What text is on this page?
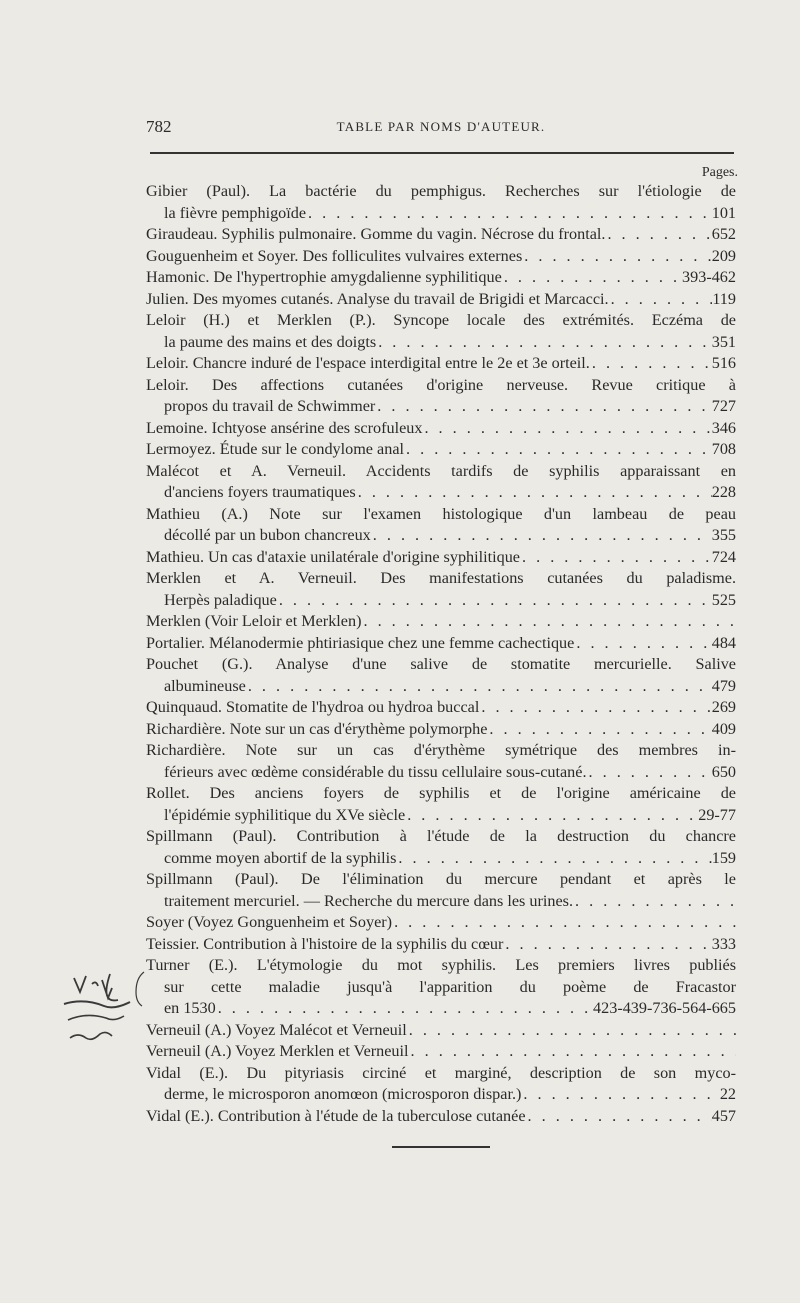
782	TABLE PAR NOMS D'AUTEUR.
Pages.
Gibier (Paul). La bactérie du pemphigus. Recherches sur l'étiologie de
la fièvre pemphigoïde . . .	101
Giraudeau. Syphilis pulmonaire. Gomme du vagin. Nécrose du frontal. . . .	652
Gouguenheim et Soyer. Des folliculites vulvaires externes . . .	209
Hamonic. De l'hypertrophie amygdalienne syphilitique . . .	393-462
Julien. Des myomes cutanés. Analyse du travail de Brigidi et Marcacci. . . .	119
Leloir (H.) et Merklen (P.). Syncope locale des extrémités. Eczéma de
la paume des mains et des doigts . . .	351
Leloir. Chancre induré de l'espace interdigital entre le 2e et 3e orteil. . . .	516
Leloir. Des affections cutanées d'origine nerveuse. Revue critique à
propos du travail de Schwimmer . . .	727
Lemoine. Ichtyose ansérine des scrofuleux . . .	346
Lermoyez. Étude sur le condylome anal . . .	708
Malécot et A. Verneuil. Accidents tardifs de syphilis apparaissant en
d'anciens foyers traumatiques . . .	228
Mathieu (A.) Note sur l'examen histologique d'un lambeau de peau
décollé par un bubon chancreux . . .	355
Mathieu. Un cas d'ataxie unilatérale d'origine syphilitique . . .	724
Merklen et A. Verneuil. Des manifestations cutanées du paladisme.
Herpès paladique . . .	525
Merklen (Voir Leloir et Merklen)
. . .
Portalier. Mélanodermie phtiriasique chez une femme cachectique . . .	484
Pouchet (G.). Analyse d'une salive de stomatite mercurielle. Salive
albumineuse . . .	479
Quinquaud. Stomatite de l'hydroa ou hydroa buccal . . .	269
Richardière. Note sur un cas d'érythème polymorphe . . .	409
Richardière. Note sur un cas d'érythème symétrique des membres in-
férieurs avec œdème considérable du tissu cellulaire sous-cutané. . . .	650
Rollet. Des anciens foyers de syphilis et de l'origine américaine de
l'épidémie syphilitique du XVe siècle . . .	29-77
Spillmann (Paul). Contribution à l'étude de la destruction du chancre
comme moyen abortif de la syphilis . . .	159
Spillmann (Paul). De l'élimination du mercure pendant et après le
traitement mercuriel. — Recherche du mercure dans les urines.
. . .
Soyer (Voyez Gonguenheim et Soyer)
. . .
Teissier. Contribution à l'histoire de la syphilis du cœur . . .	333
Turner (E.). L'étymologie du mot syphilis. Les premiers livres publiés
sur cette maladie jusqu'à l'apparition du poème de Fracastor
en 1530 . . .	423-439-736-564-665
Verneuil (A.) Voyez Malécot et Verneuil
. . .
Verneuil (A.) Voyez Merklen et Verneuil
. . .
Vidal (E.). Du pityriasis circiné et marginé, description de son myco-
derme, le microsporon anomœon (microsporon dispar.) . . .	22
Vidal (E.). Contribution à l'étude de la tuberculose cutanée . . .	457
